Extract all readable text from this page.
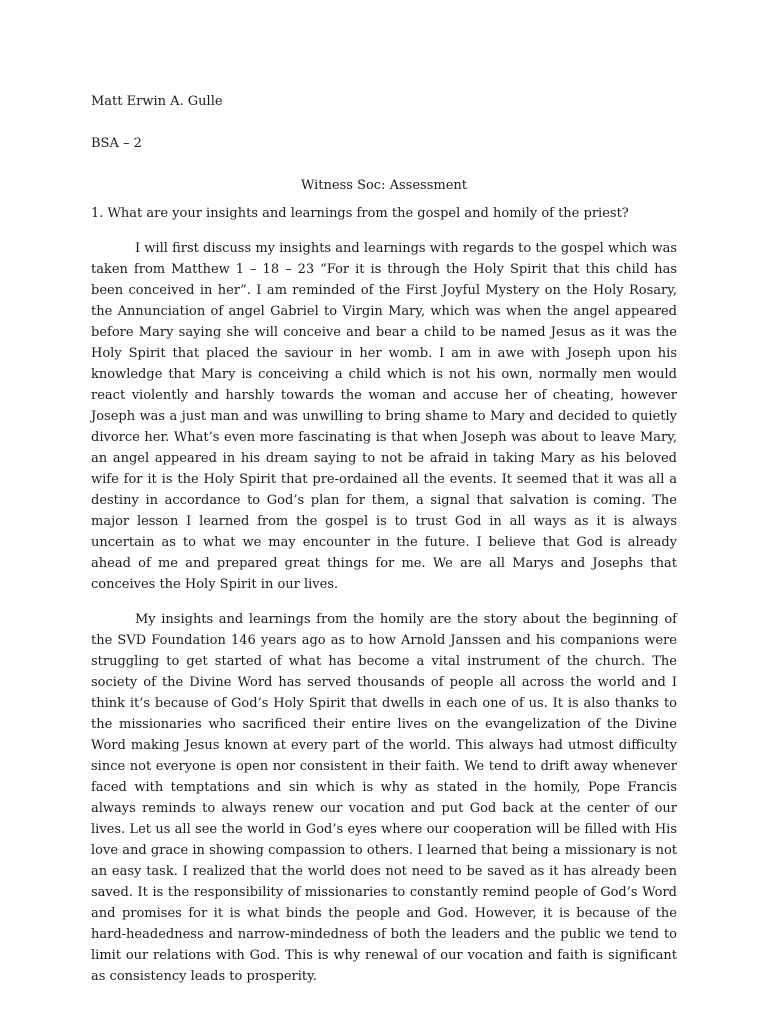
Matt Erwin A. Gulle

BSA – 2

Witness Soc: Assessment

1. What are your insights and learnings from the gospel and homily of the priest?

I will first discuss my insights and learnings with regards to the gospel which was taken from Matthew 1 – 18 – 23 “For it is through the Holy Spirit that this child has been conceived in her”. I am reminded of the First Joyful Mystery on the Holy Rosary, the Annunciation of angel Gabriel to Virgin Mary, which was when the angel appeared before Mary saying she will conceive and bear a child to be named Jesus as it was the Holy Spirit that placed the saviour in her womb. I am in awe with Joseph upon his knowledge that Mary is conceiving a child which is not his own, normally men would react violently and harshly towards the woman and accuse her of cheating, however Joseph was a just man and was unwilling to bring shame to Mary and decided to quietly divorce her. What’s even more fascinating is that when Joseph was about to leave Mary, an angel appeared in his dream saying to not be afraid in taking Mary as his beloved wife for it is the Holy Spirit that pre-ordained all the events. It seemed that it was all a destiny in accordance to God’s plan for them, a signal that salvation is coming. The major lesson I learned from the gospel is to trust God in all ways as it is always uncertain as to what we may encounter in the future. I believe that God is already ahead of me and prepared great things for me. We are all Marys and Josephs that conceives the Holy Spirit in our lives.

My insights and learnings from the homily are the story about the beginning of the SVD Foundation 146 years ago as to how Arnold Janssen and his companions were struggling to get started of what has become a vital instrument of the church. The society of the Divine Word has served thousands of people all across the world and I think it’s because of God’s Holy Spirit that dwells in each one of us. It is also thanks to the missionaries who sacrificed their entire lives on the evangelization of the Divine Word making Jesus known at every part of the world. This always had utmost difficulty since not everyone is open nor consistent in their faith. We tend to drift away whenever faced with temptations and sin which is why as stated in the homily, Pope Francis always reminds to always renew our vocation and put God back at the center of our lives. Let us all see the world in God’s eyes where our cooperation will be filled with His love and grace in showing compassion to others. I learned that being a missionary is not an easy task. I realized that the world does not need to be saved as it has already been saved. It is the responsibility of missionaries to constantly remind people of God’s Word and promises for it is what binds the people and God. However, it is because of the hard-headedness and narrow-mindedness of both the leaders and the public we tend to limit our relations with God. This is why renewal of our vocation and faith is significant as consistency leads to prosperity.
